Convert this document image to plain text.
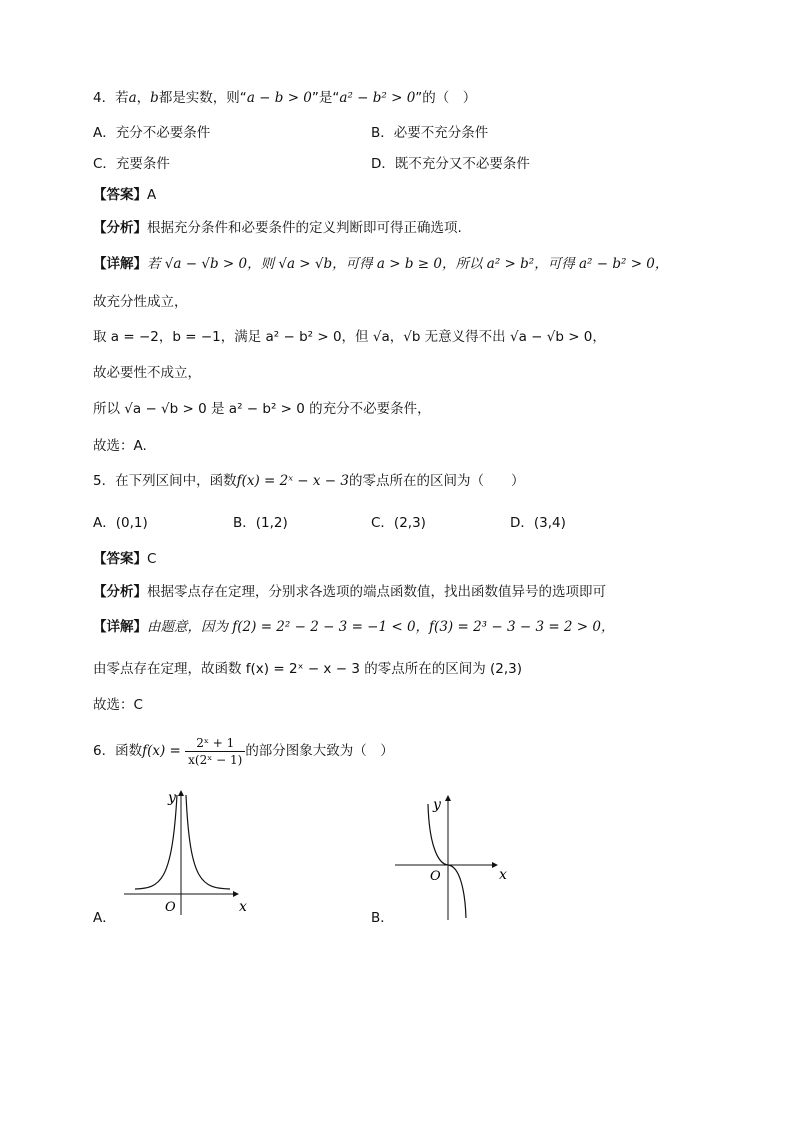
4．若a，b都是实数，则“a − b > 0”是“a² − b² > 0”的（　）
A．充分不必要条件	B．必要不充分条件
C．充要条件	D．既不充分又不必要条件
【答案】A
【分析】根据充分条件和必要条件的定义判断即可得正确选项.
【详解】若 √a − √b > 0，则 √a > √b，可得 a > b ≥ 0，所以 a² > b²，可得 a² − b² > 0，
故充分性成立，
取 a = −2，b = −1，满足 a² − b² > 0，但 √a，√b 无意义得不出 √a − √b > 0，
故必要性不成立，
所以 √a − √b > 0 是 a² − b² > 0 的充分不必要条件，
故选：A.
5．在下列区间中，函数f(x) = 2ˣ − x − 3的零点所在的区间为（　　）
A．(0,1)	B．(1,2)	C．(2,3)	D．(3,4)
【答案】C
【分析】根据零点存在定理，分别求各选项的端点函数值，找出函数值异号的选项即可
【详解】由题意，因为 f(2) = 2² − 2 − 3 = −1 < 0，f(3) = 2³ − 3 − 3 = 2 > 0，
由零点存在定理，故函数 f(x) = 2ˣ − x − 3 的零点所在的区间为 (2,3)
故选：C
6．函数$f(x) = \frac{\text{2ˣ + 1}}{\text{x(2ˣ − 1)}}$ 的部分图象大致为（　）
A．
x
y
O
B．
x
y
O
